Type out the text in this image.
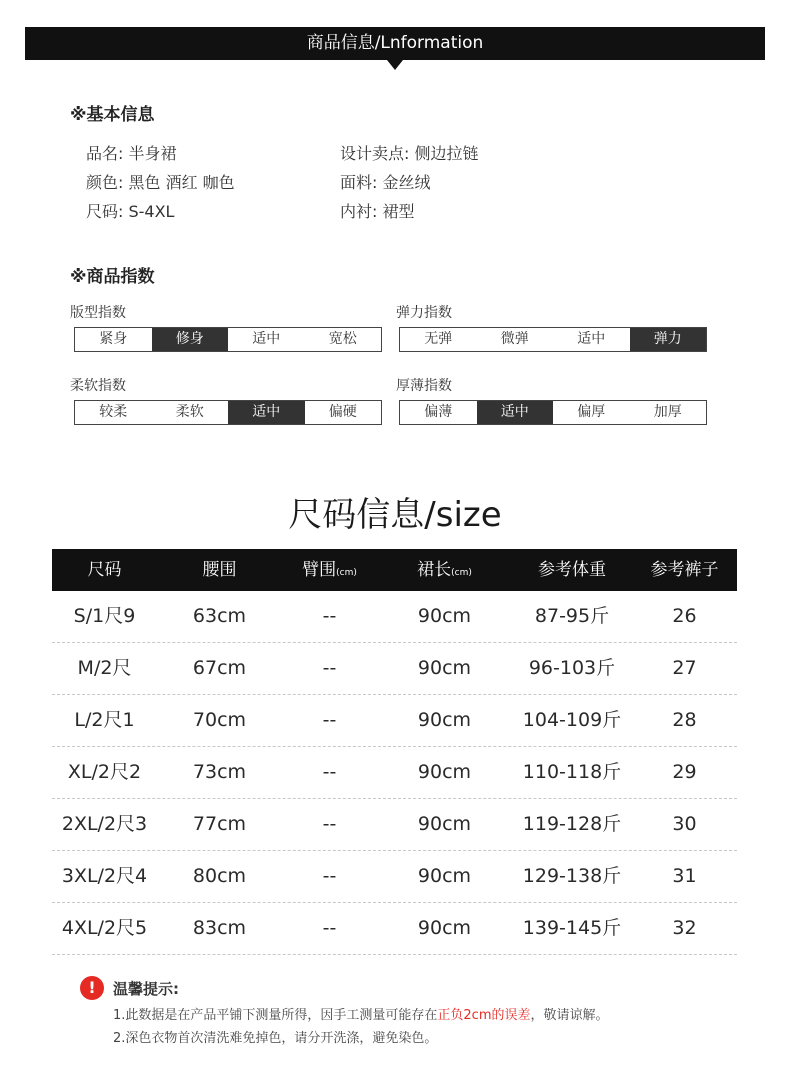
商品信息/Lnformation
※基本信息
品名: 半身裙	设计卖点: 侧边拉链
颜色: 黑色 酒红 咖色	面料: 金丝绒
尺码: S-4XL	内衬: 裙型
※商品指数
版型指数
紧身	修身	适中	宽松
弹力指数
无弹	微弹	适中	弹力
柔软指数
较柔	柔软	适中	偏硬
厚薄指数
偏薄	适中	偏厚	加厚
尺码信息/size
尺码	腰围	臂围(cm)	裙长(cm)	参考体重	参考裤子
S/1尺9	63cm	--	90cm	87-95斤	26
M/2尺	67cm	--	90cm	96-103斤	27
L/2尺1	70cm	--	90cm	104-109斤	28
XL/2尺2	73cm	--	90cm	110-118斤	29
2XL/2尺3	77cm	--	90cm	119-128斤	30
3XL/2尺4	80cm	--	90cm	129-138斤	31
4XL/2尺5	83cm	--	90cm	139-145斤	32
!	温馨提示:
1.此数据是在产品平铺下测量所得，因手工测量可能存在正负2cm的误差，敬请谅解。
2.深色衣物首次清洗难免掉色，请分开洗涤，避免染色。
